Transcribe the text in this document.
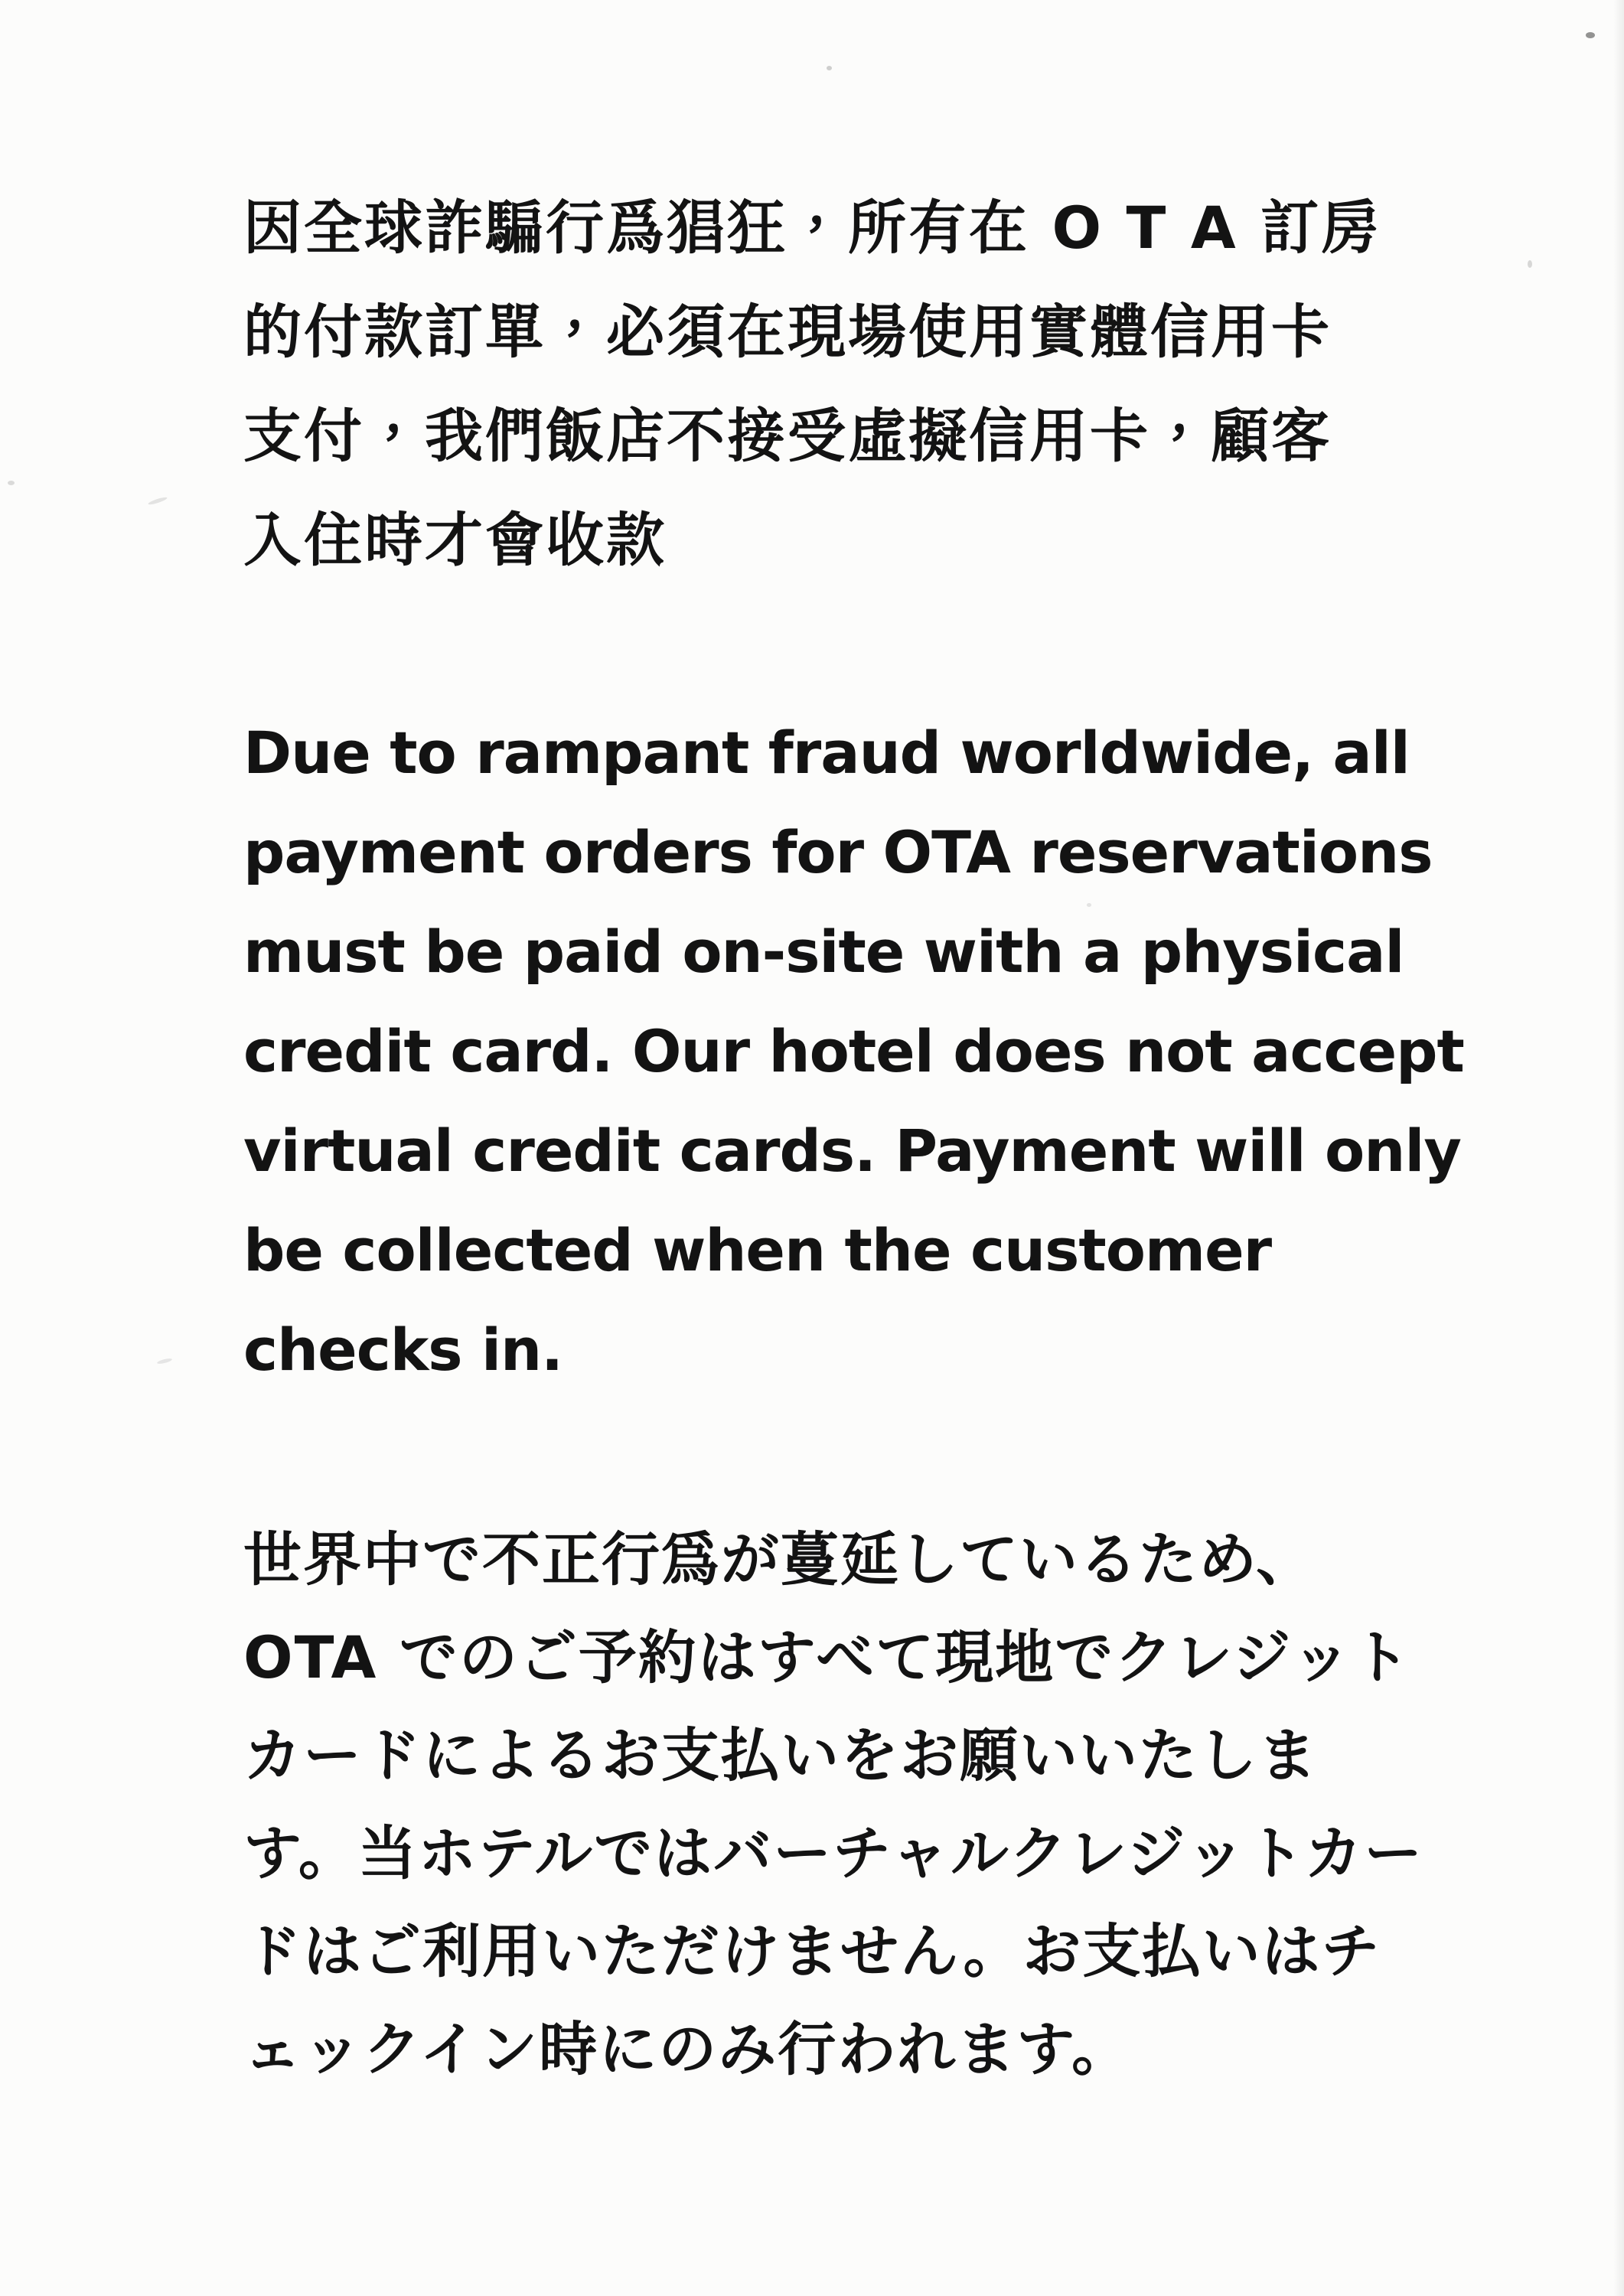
因全球詐騙行爲猖狂，所有在 O T A 訂房
的付款訂單，必須在現場使用實體信用卡
支付，我們飯店不接受虛擬信用卡，顧客
入住時才會收款
Due to rampant fraud worldwide, all
payment orders for OTA reservations
must be paid on-site with a physical
credit card. Our hotel does not accept
virtual credit cards. Payment will only
be collected when the customer
checks in.
世界中で不正行爲が蔓延しているため、
OTA でのご予約はすべて現地でクレジット
カードによるお支払いをお願いいたしま
す。当ホテルではバーチャルクレジットカー
ドはご利用いただけません。お支払いはチ
ェックイン時にのみ行われます。
